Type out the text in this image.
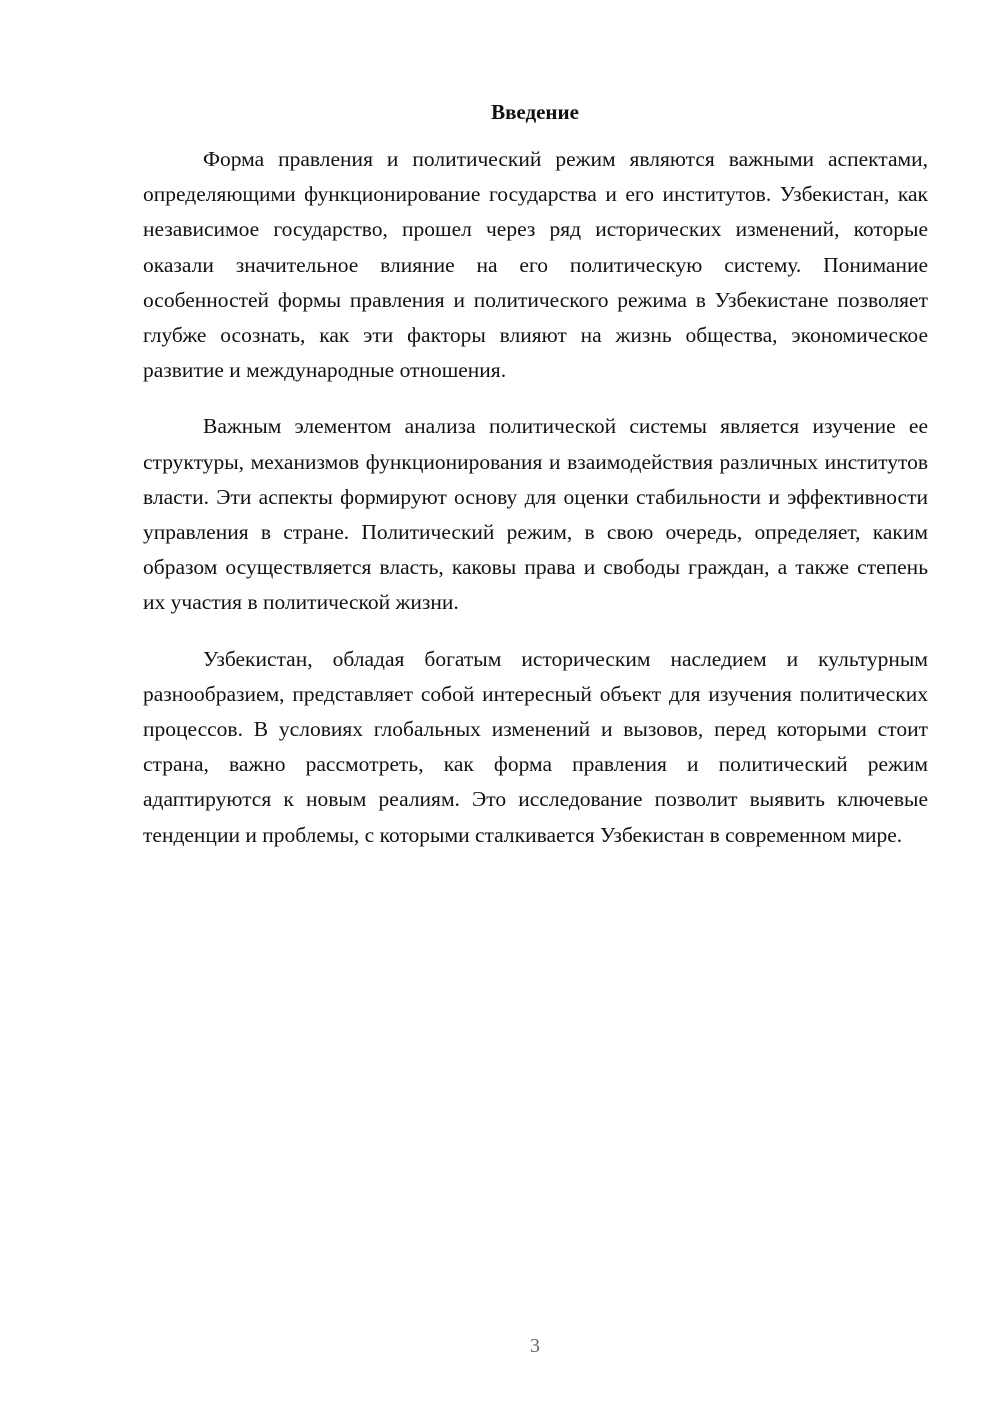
Введение

Форма правления и политический режим являются важными аспектами, определяющими функционирование государства и его институтов. Узбекистан, как независимое государство, прошел через ряд исторических изменений, которые оказали значительное влияние на его политическую систему. Понимание особенностей формы правления и политического режима в Узбекистане позволяет глубже осознать, как эти факторы влияют на жизнь общества, экономическое развитие и международные отношения.

Важным элементом анализа политической системы является изучение ее структуры, механизмов функционирования и взаимодействия различных институтов власти. Эти аспекты формируют основу для оценки стабильности и эффективности управления в стране. Политический режим, в свою очередь, определяет, каким образом осуществляется власть, каковы права и свободы граждан, а также степень их участия в политической жизни.

Узбекистан, обладая богатым историческим наследием и культурным разнообразием, представляет собой интересный объект для изучения политических процессов. В условиях глобальных изменений и вызовов, перед которыми стоит страна, важно рассмотреть, как форма правления и политический режим адаптируются к новым реалиям. Это исследование позволит выявить ключевые тенденции и проблемы, с которыми сталкивается Узбекистан в современном мире.

3
